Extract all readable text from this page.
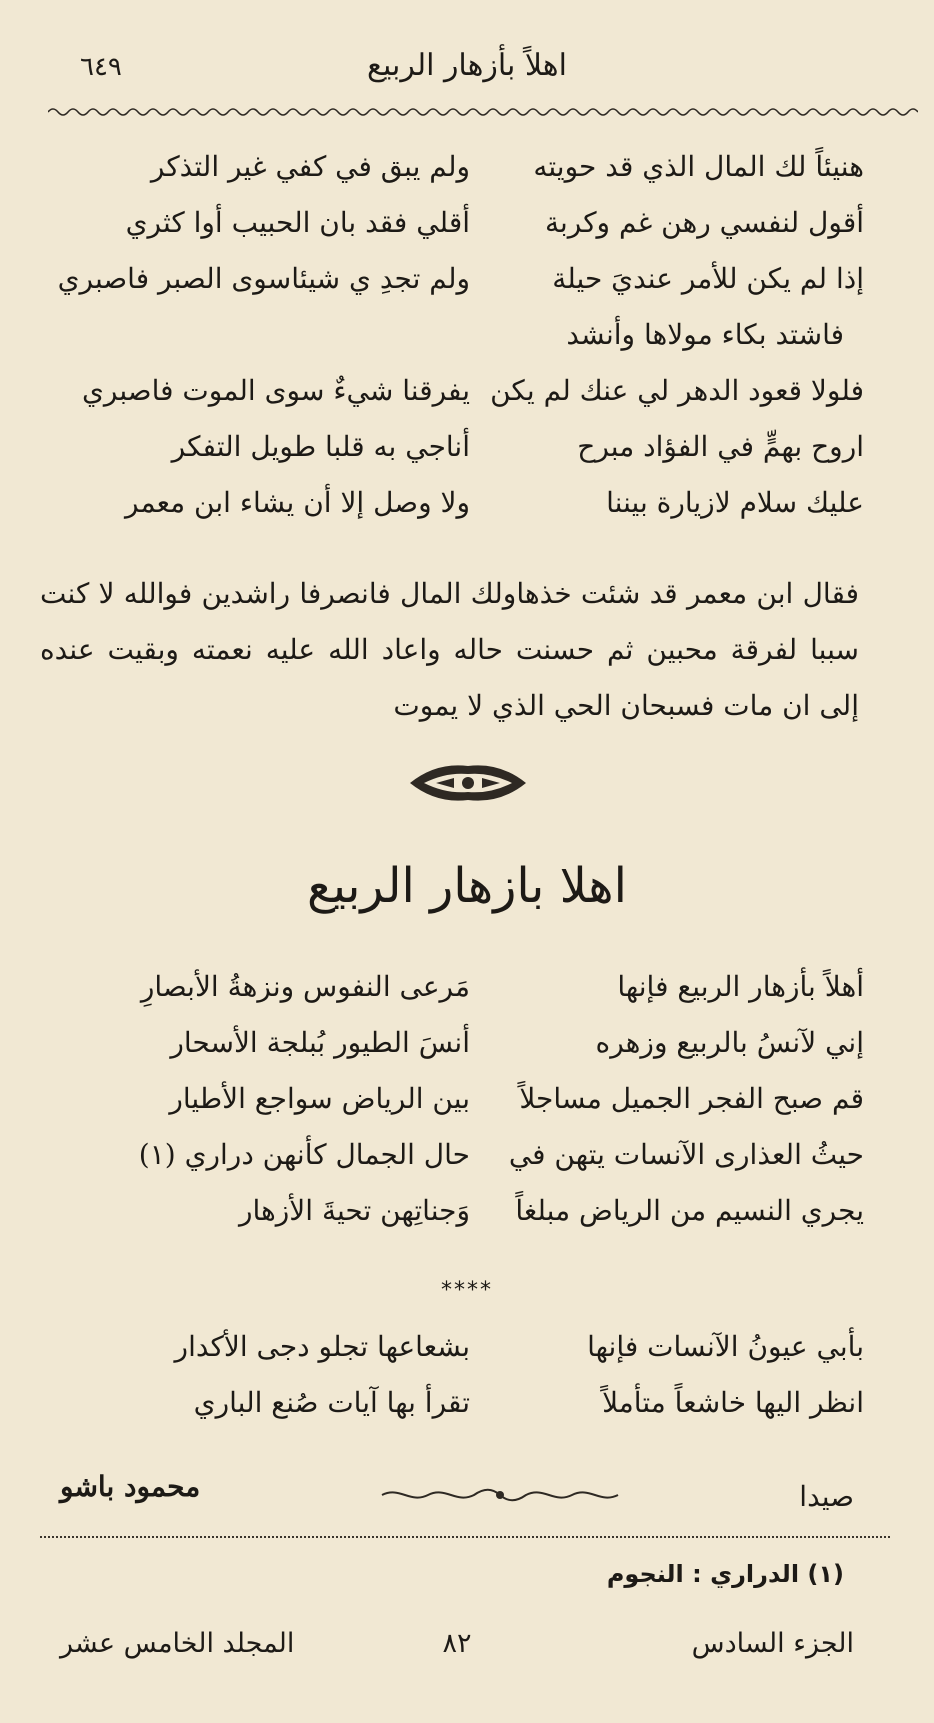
اهلاً بأزهار الربيع
٦٤٩
هنيئاً لك المال الذي قد حويته
ولم يبق في كفي غير التذكر
أقول لنفسي رهن غم وكربة
أقلي فقد بان الحبيب أوا كثري
إذا لم يكن للأمر عنديَ حيلة
ولم تجدِ ي شيئاسوى الصبر فاصبري
فاشتد بكاء مولاها وأنشد
فلولا قعود الدهر لي عنك لم يكن
يفرقنا شيءٌ سوى الموت فاصبري
اروح بهمٍّ في الفؤاد مبرح
أناجي به قلبا طويل التفكر
عليك سلام لازيارة بيننا
ولا وصل إلا أن يشاء ابن معمر
فقال ابن معمر قد شئت خذهاولك المال فانصرفا راشدين فوالله لا كنت سببا لفرقة محبين ثم حسنت حاله واعاد الله عليه نعمته وبقيت عنده إلى ان مات فسبحان الحي الذي لا يموت
اهلا بازهار الربيع
أهلاً بأزهار الربيع فإنها
مَرعى النفوس ونزهةُ الأبصارِ
إني لآنسُ بالربيع وزهره
أنسَ الطيور بُبلجة الأسحار
قم صبح الفجر الجميل مساجلاً
بين الرياض سواجع الأطيار
حيثُ العذارى الآنسات يتهن في
حال الجمال كأنهن دراري (١)
يجري النسيم من الرياض مبلغاً
وَجناتِهن تحيةَ الأزهار
****
بأبي عيونُ الآنسات فإنها
بشعاعها تجلو دجى الأكدار
انظر اليها خاشعاً متأملاً
تقرأ بها آيات صُنع الباري
صيدا
محمود باشو
(١) الدراري : النجوم
الجزء السادس
٨٢
المجلد الخامس عشر
